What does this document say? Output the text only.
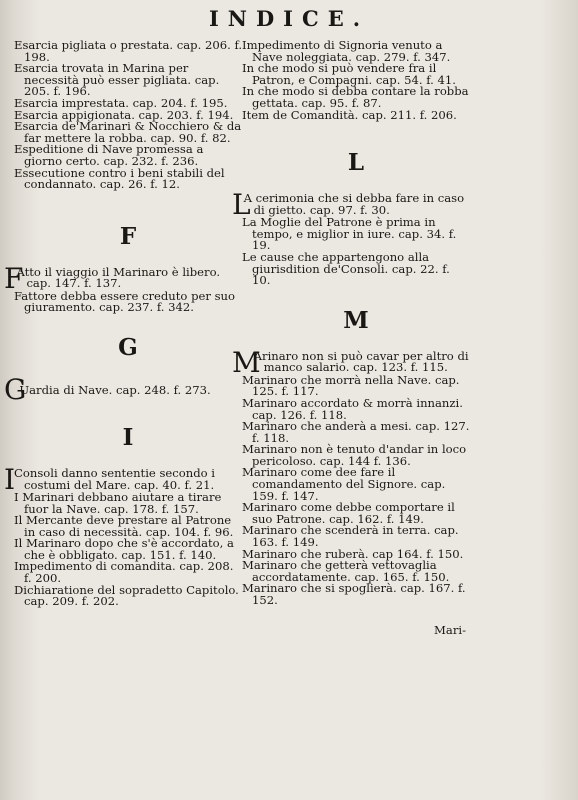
INDICE.

Esarcia pigliata o prestata. cap. 206. f. 198.

Esarcia trovata in Marina per necessità può esser pigliata. cap. 205. f. 196.

Esarcia imprestata. cap. 204. f. 195.

Esarcia appigionata. cap. 203. f. 194.

Esarcia de'Marinari & Nocchiero & da far mettere la robba. cap. 90. f. 82.

Espeditione di Nave promessa a giorno certo. cap. 232. f. 236.

Essecutione contro i beni stabili del condannato. cap. 26. f. 12.

F

F
Atto il viaggio il Marinaro è libero. cap. 147. f. 137.

Fattore debba essere creduto per suo giuramento. cap. 237. f. 342.

G

G
Uardia di Nave. cap. 248. f. 273.

I

I
Consoli danno sententie secondo i costumi del Mare. cap. 40. f. 21.

I Marinari debbano aiutare a tirare fuor la Nave. cap. 178. f. 157.

Il Mercante deve prestare al Patrone in caso di necessità. cap. 104. f. 96.

Il Marinaro dopo che s'è accordato, a che è obbligato. cap. 151. f. 140.

Impedimento di comandita. cap. 208. f. 200.

Dichiaratione del sopradetto Capitolo. cap. 209. f. 202.

Impedimento di Signoria venuto a Nave noleggiata. cap. 279. f. 347.

In che modo si può vendere fra il Patron, e Compagni. cap. 54. f. 41.

In che modo si debba contare la robba gettata. cap. 95. f. 87.

Item de Comandità. cap. 211. f. 206.

L

L
A cerimonia che si debba fare in caso di gietto. cap. 97. f. 30.

La Moglie del Patrone è prima in tempo, e miglior in iure. cap. 34. f. 19.

Le cause che appartengono alla giurisdition de'Consoli. cap. 22. f. 10.

M

M
Arinaro non si può cavar per altro di manco salario. cap. 123. f. 115.

Marinaro che morrà nella Nave. cap. 125. f. 117.

Marinaro accordato & morrà innanzi. cap. 126. f. 118.

Marinaro che anderà a mesi. cap. 127. f. 118.

Marinaro non è tenuto d'andar in loco pericoloso. cap. 144 f. 136.

Marinaro come dee fare il comandamento del Signore. cap. 159. f. 147.

Marinaro come debbe comportare il suo Patrone. cap. 162. f. 149.

Marinaro che scenderà in terra. cap. 163. f. 149.

Marinaro che ruberà. cap 164. f. 150.

Marinaro che getterà vettovaglia accordatamente. cap. 165. f. 150.

Marinaro che si spoglierà. cap. 167. f. 152.

Mari-
